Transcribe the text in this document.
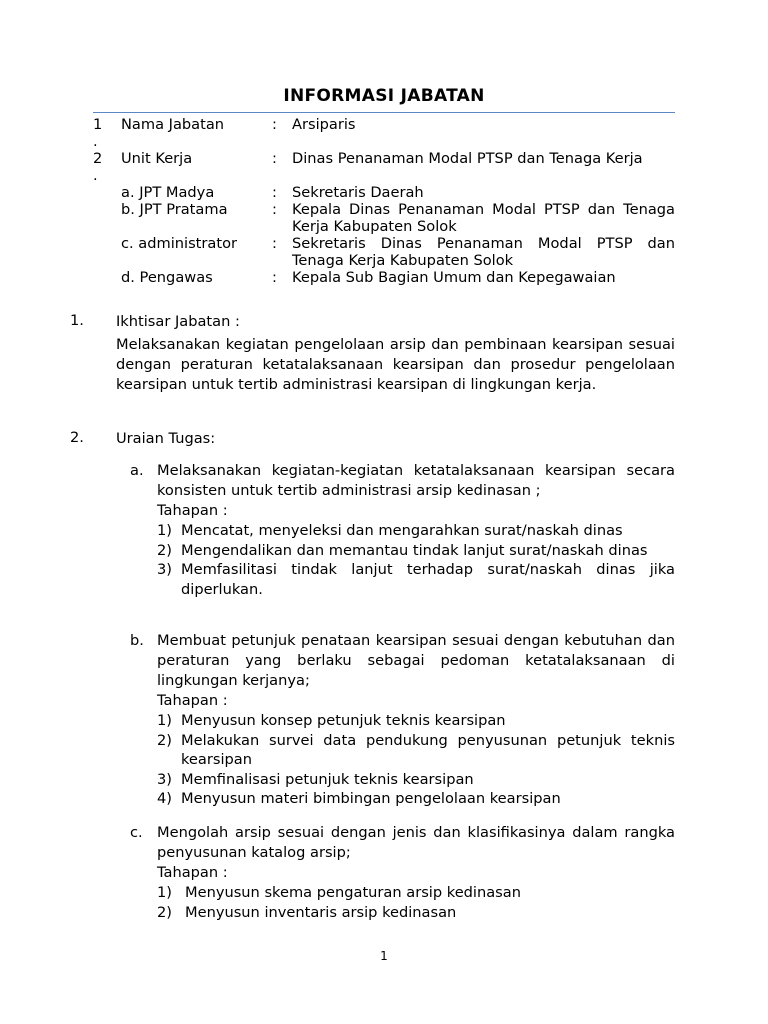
INFORMASI JABATAN
1
.
Nama Jabatan	: Arsiparis
2
.
Unit Kerja	: Dinas Penanaman Modal PTSP dan Tenaga Kerja
a. JPT Madya	: Sekretaris Daerah
b. JPT Pratama	: Kepala Dinas Penanaman Modal PTSP dan Tenaga Kerja Kabupaten Solok
c. administrator : Sekretaris Dinas Penanaman Modal PTSP dan Tenaga Kerja Kabupaten Solok
d. Pengawas	: Kepala Sub Bagian Umum dan Kepegawaian
1. Ikhtisar Jabatan :
Melaksanakan kegiatan pengelolaan arsip dan pembinaan kearsipan sesuai dengan peraturan ketatalaksanaan kearsipan dan prosedur pengelolaan kearsipan untuk tertib administrasi kearsipan di lingkungan kerja.
2. Uraian Tugas:
a. Melaksanakan kegiatan-kegiatan ketatalaksanaan kearsipan secara konsisten untuk tertib administrasi arsip kedinasan ;
Tahapan :
1) Mencatat, menyeleksi dan mengarahkan surat/naskah dinas
2) Mengendalikan dan memantau tindak lanjut surat/naskah dinas
3) Memfasilitasi tindak lanjut terhadap surat/naskah dinas jika diperlukan.
b. Membuat petunjuk penataan kearsipan sesuai dengan kebutuhan dan peraturan yang berlaku sebagai pedoman ketatalaksanaan di lingkungan kerjanya;
Tahapan :
1) Menyusun konsep petunjuk teknis kearsipan
2) Melakukan survei data pendukung penyusunan petunjuk teknis kearsipan
3) Memfinalisasi petunjuk teknis kearsipan
4) Menyusun materi bimbingan pengelolaan kearsipan
c. Mengolah arsip sesuai dengan jenis dan klasifikasinya dalam rangka penyusunan katalog arsip;
Tahapan :
1) Menyusun skema pengaturan arsip kedinasan
2) Menyusun inventaris arsip kedinasan
1
